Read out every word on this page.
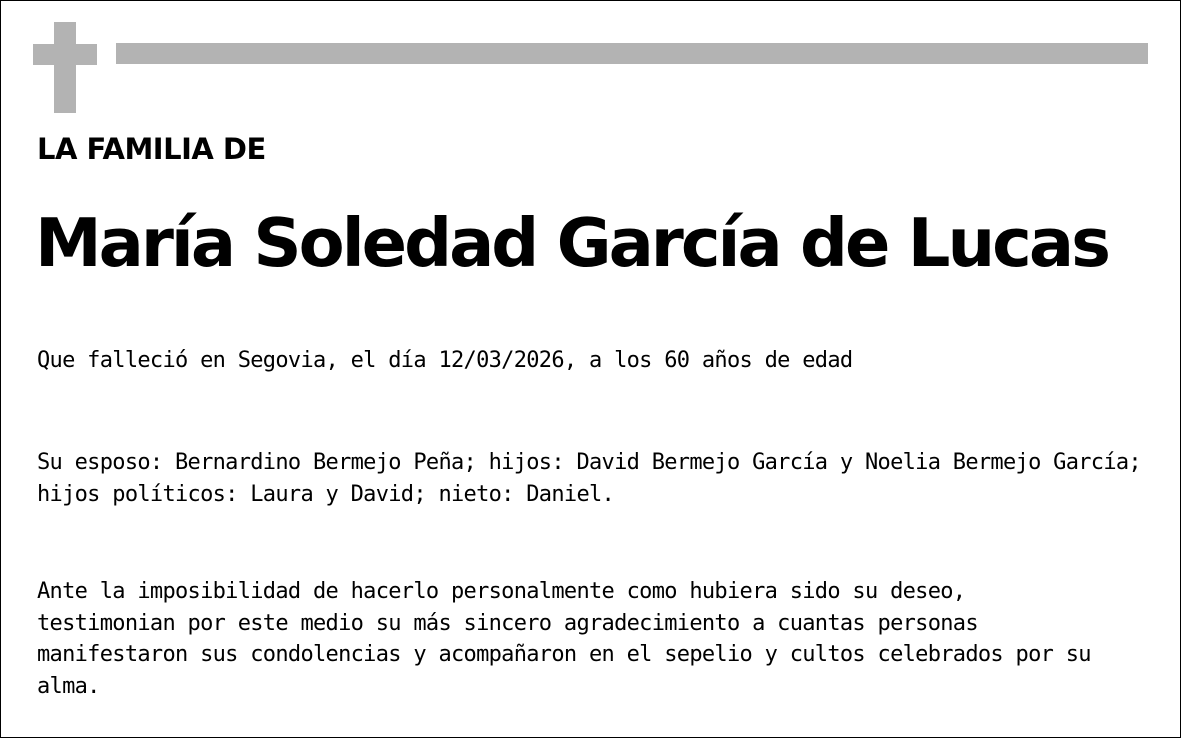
LA FAMILIA DE
María Soledad García de Lucas
Que falleció en Segovia, el día 12/03/2026, a los 60 años de edad
Su esposo: Bernardino Bermejo Peña; hijos: David Bermejo García y Noelia Bermejo García;
hijos políticos: Laura y David; nieto: Daniel.
Ante la imposibilidad de hacerlo personalmente como hubiera sido su deseo,
testimonian por este medio su más sincero agradecimiento a cuantas personas
manifestaron sus condolencias y acompañaron en el sepelio y cultos celebrados por su
alma.
